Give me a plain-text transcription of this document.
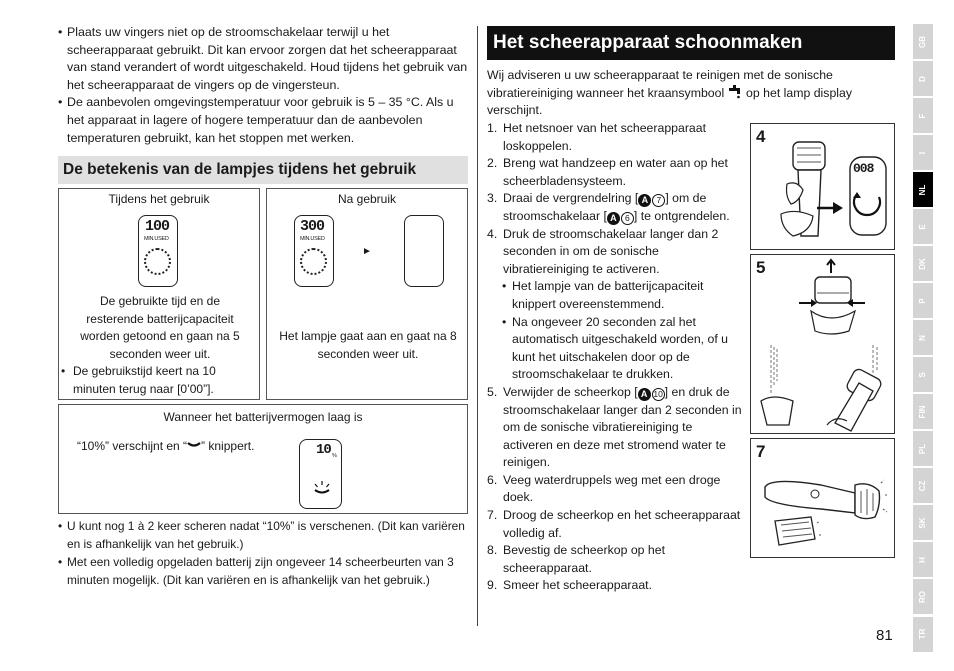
• Plaats uw vingers niet op de stroomschakelaar terwijl u het scheerapparaat gebruikt. Dit kan ervoor zorgen dat het scheerapparaat van stand verandert of wordt uitgeschakeld. Houd tijdens het gebruik van het scheerapparaat de vingers op de vingersteun.

• De aanbevolen omgevingstemperatuur voor gebruik is 5 – 35 °C. Als u het apparaat in lagere of hogere temperatuur dan de aanbevolen temperaturen gebruikt, kan het stoppen met werken.

De betekenis van de lampjes tijdens het gebruik
Tijdens het gebruik
100
MIN.USED
De gebruikte tijd en de resterende batterijcapaciteit worden getoond en gaan na 5 seconden weer uit.
• De gebruikstijd keert na 10 minuten terug naar [0’00”].
Na gebruik
300
MIN.USED
►
Het lampje gaat aan en gaat na 8 seconden weer uit.
Wanneer het batterijvermogen laag is
“10%” verschijnt en “ ” knippert.	10 %

• U kunt nog 1 à 2 keer scheren nadat “10%” is verschenen. (Dit kan variëren en is afhankelijk van het gebruik.)

• Met een volledig opgeladen batterij zijn ongeveer 14 scheerbeurten van 3 minuten mogelijk. (Dit kan variëren en is afhankelijk van het gebruik.)

Het scheerapparaat schoonmaken
Wij adviseren u uw scheerapparaat te reinigen met de sonische vibratiereiniging wanneer het kraansymbool op het lamp display verschijnt.
1. Het netsnoer van het scheerapparaat loskoppelen.
2. Breng wat handzeep en water aan op het scheerbladensysteem.
3. Draai de vergrendelring [ A 7 ] om de stroomschakelaar [ A 6 ] te ontgrendelen.
4. Druk de stroomschakelaar langer dan 2 seconden in om de sonische vibratiereiniging te activeren.
• Het lampje van de batterijcapaciteit knippert overeenstemmend.
• Na ongeveer 20 seconden zal het automatisch uitgeschakeld worden, of u kunt het uitschakelen door op de stroomschakelaar te drukken.
5. Verwijder de scheerkop [ A 10 ] en druk de stroomschakelaar langer dan 2 seconden in om de sonische vibratiereiniging te activeren en deze met stromend water te reinigen.
6. Veeg waterdruppels weg met een droge doek.
7. Droog de scheerkop en het scheerapparaat volledig af.
8. Bevestig de scheerkop op het scheerapparaat.
9. Smeer het scheerapparaat.
008
4
5
7
GB
D
F
I
NL
E
DK
P
N
S
FIN
PL
CZ
SK
H
RO
TR
81
